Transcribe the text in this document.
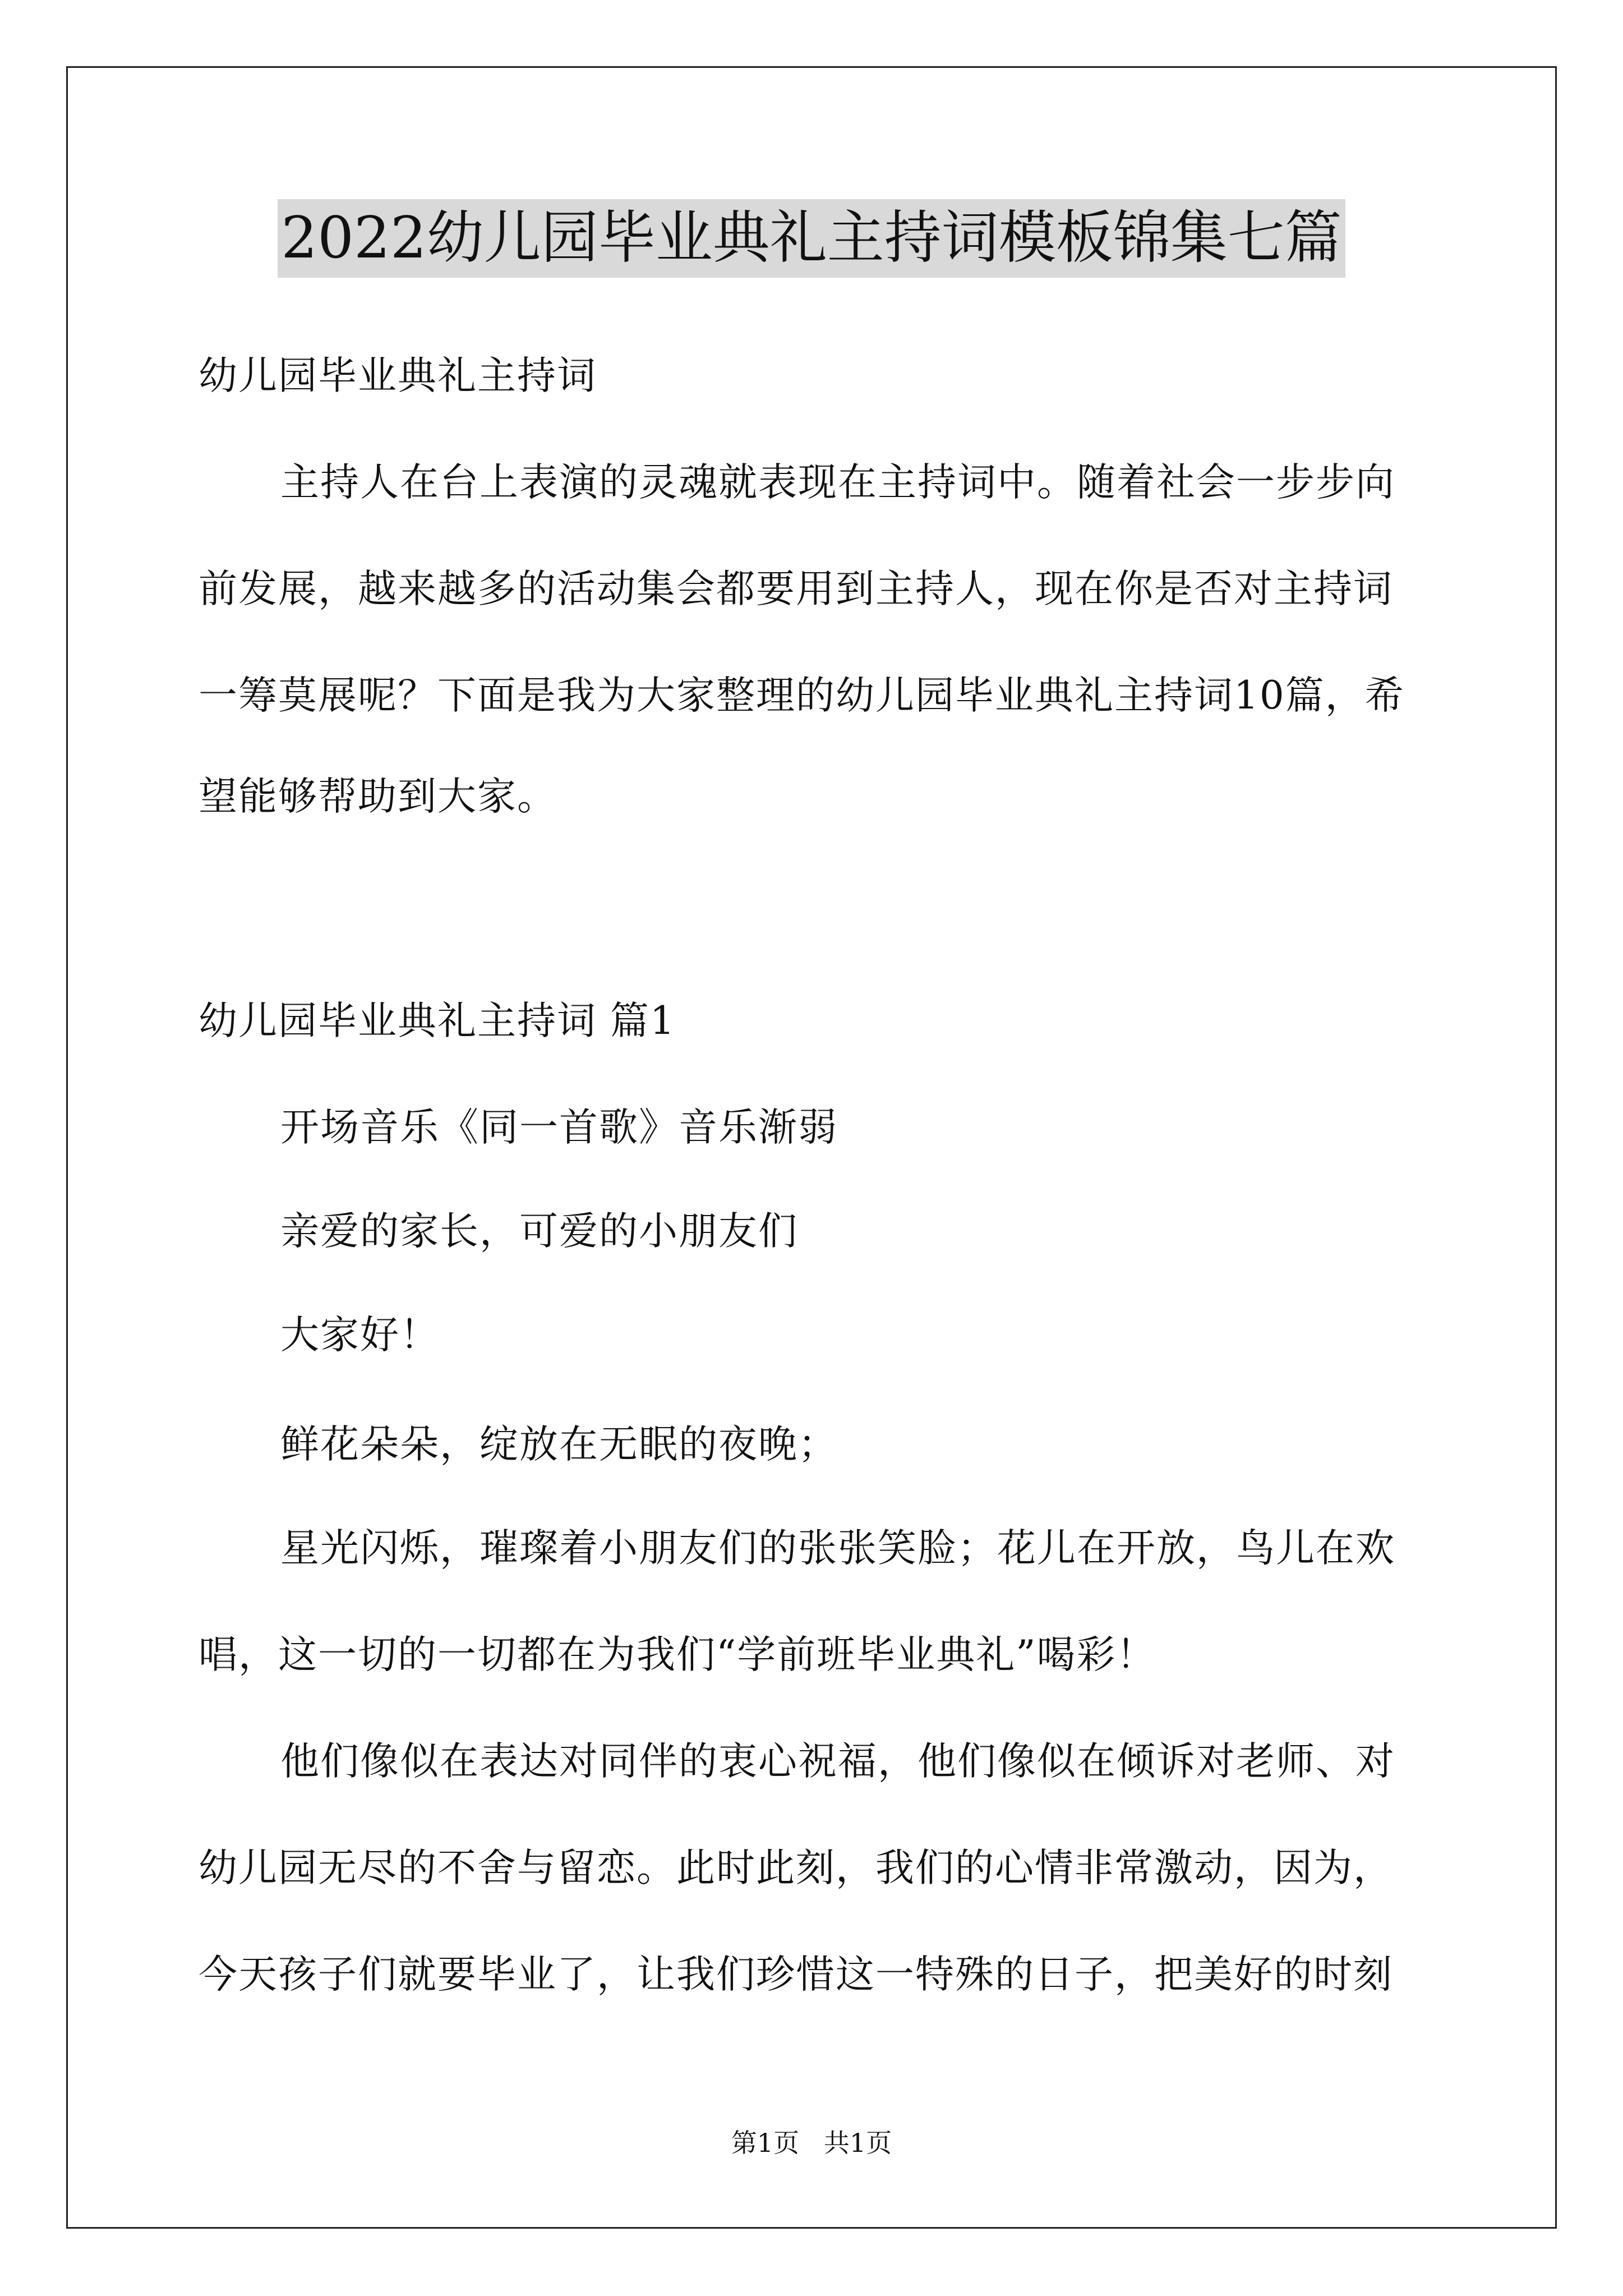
2022幼儿园毕业典礼主持词模板锦集七篇
幼儿园毕业典礼主持词
主持人在台上表演的灵魂就表现在主持词中。随着社会一步步向
前发展，越来越多的活动集会都要用到主持人，现在你是否对主持词
一筹莫展呢？下面是我为大家整理的幼儿园毕业典礼主持词10篇，希
望能够帮助到大家。
幼儿园毕业典礼主持词 篇1
开场音乐《同一首歌》音乐渐弱
亲爱的家长，可爱的小朋友们
大家好！
鲜花朵朵，绽放在无眠的夜晚；
星光闪烁，璀璨着小朋友们的张张笑脸；花儿在开放，鸟儿在欢
唱，这一切的一切都在为我们“学前班毕业典礼”喝彩！
他们像似在表达对同伴的衷心祝福，他们像似在倾诉对老师、对
幼儿园无尽的不舍与留恋。此时此刻，我们的心情非常激动，因为，
今天孩子们就要毕业了，让我们珍惜这一特殊的日子，把美好的时刻
第1页   共1页
